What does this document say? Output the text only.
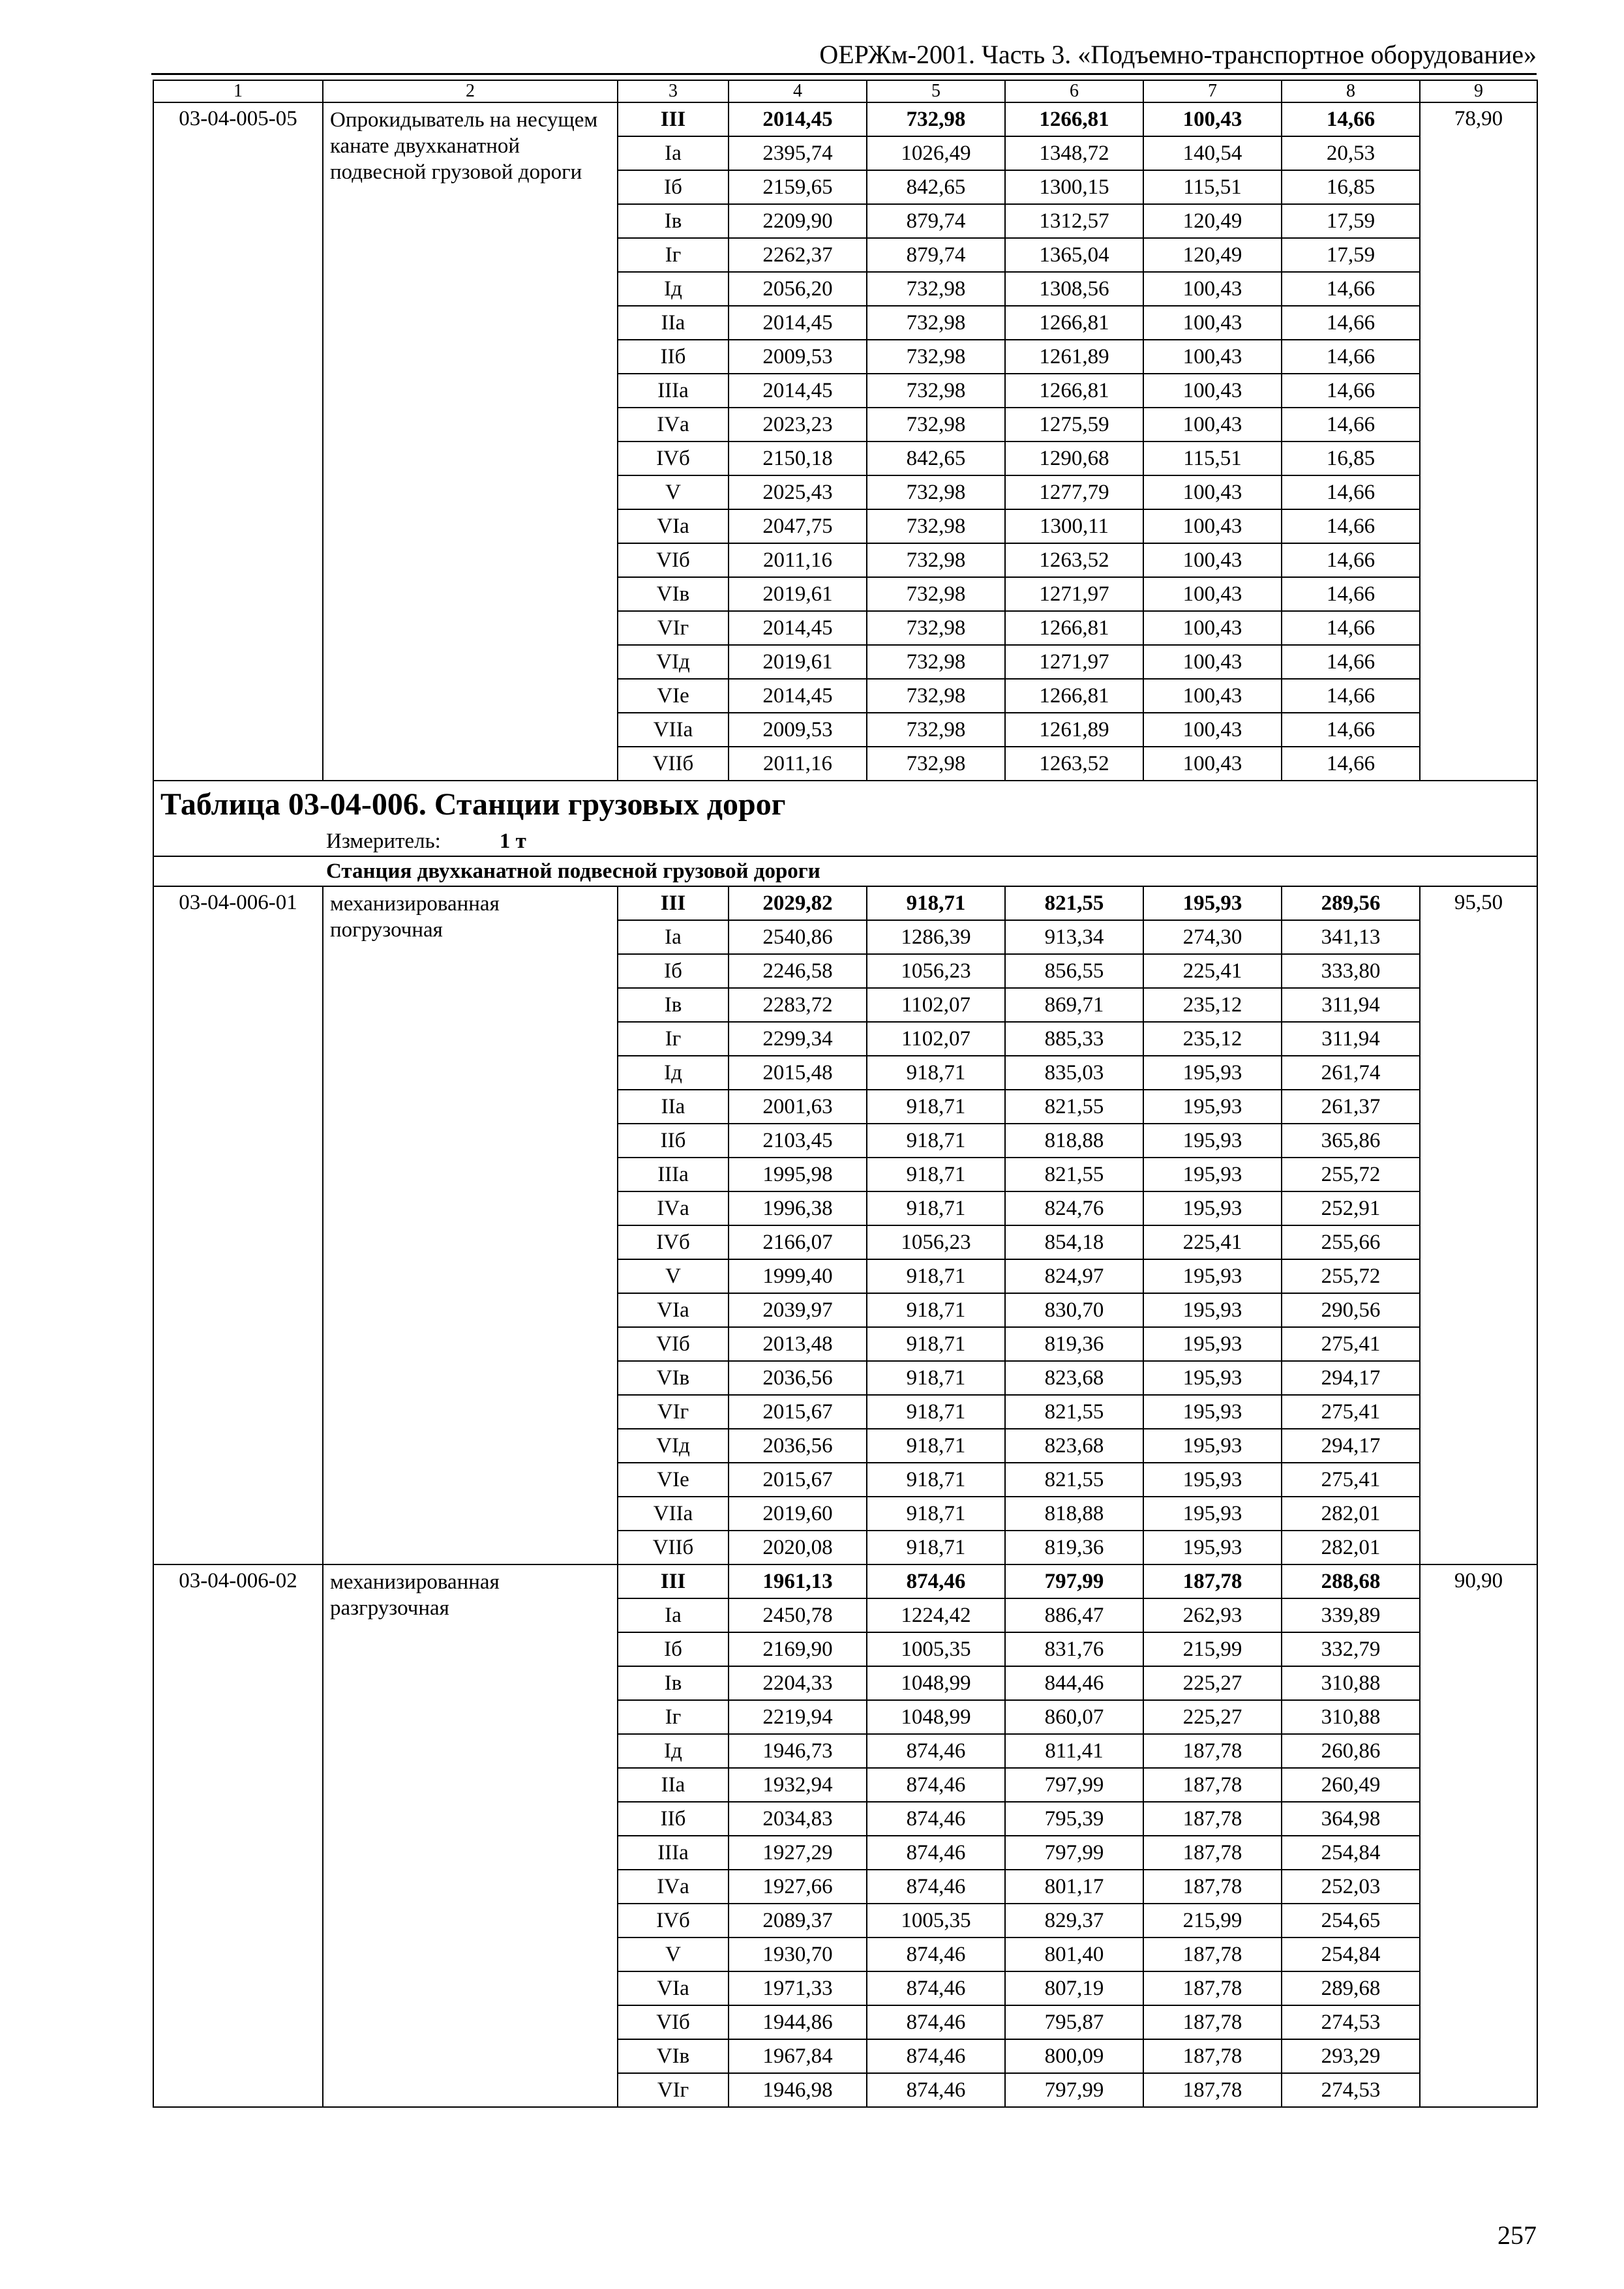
ОЕРЖм-2001. Часть 3. «Подъемно-транспортное оборудование»
1	2	3	4	5	6	7	8	9
03-04-005-05	Опрокидыватель на несущем канате двухканатной подвесной грузовой дороги	III	2014,45	732,98	1266,81	100,43	14,66	78,90
		Iа	2395,74	1026,49	1348,72	140,54	20,53	
		Iб	2159,65	842,65	1300,15	115,51	16,85	
		Iв	2209,90	879,74	1312,57	120,49	17,59	
		Iг	2262,37	879,74	1365,04	120,49	17,59	
		Iд	2056,20	732,98	1308,56	100,43	14,66	
		IIа	2014,45	732,98	1266,81	100,43	14,66	
		IIб	2009,53	732,98	1261,89	100,43	14,66	
		IIIа	2014,45	732,98	1266,81	100,43	14,66	
		IVа	2023,23	732,98	1275,59	100,43	14,66	
		IVб	2150,18	842,65	1290,68	115,51	16,85	
		V	2025,43	732,98	1277,79	100,43	14,66	
		VIа	2047,75	732,98	1300,11	100,43	14,66	
		VIб	2011,16	732,98	1263,52	100,43	14,66	
		VIв	2019,61	732,98	1271,97	100,43	14,66	
		VIг	2014,45	732,98	1266,81	100,43	14,66	
		VIд	2019,61	732,98	1271,97	100,43	14,66	
		VIе	2014,45	732,98	1266,81	100,43	14,66	
		VIIа	2009,53	732,98	1261,89	100,43	14,66	
		VIIб	2011,16	732,98	1263,52	100,43	14,66	
Таблица 03-04-006. Станции грузовых дорог								
Измеритель: 1 т								
Станция двухканатной подвесной грузовой дороги								
03-04-006-01	механизированная погрузочная	III	2029,82	918,71	821,55	195,93	289,56	95,50
		Iа	2540,86	1286,39	913,34	274,30	341,13	
		Iб	2246,58	1056,23	856,55	225,41	333,80	
		Iв	2283,72	1102,07	869,71	235,12	311,94	
		Iг	2299,34	1102,07	885,33	235,12	311,94	
		Iд	2015,48	918,71	835,03	195,93	261,74	
		IIа	2001,63	918,71	821,55	195,93	261,37	
		IIб	2103,45	918,71	818,88	195,93	365,86	
		IIIа	1995,98	918,71	821,55	195,93	255,72	
		IVа	1996,38	918,71	824,76	195,93	252,91	
		IVб	2166,07	1056,23	854,18	225,41	255,66	
		V	1999,40	918,71	824,97	195,93	255,72	
		VIа	2039,97	918,71	830,70	195,93	290,56	
		VIб	2013,48	918,71	819,36	195,93	275,41	
		VIв	2036,56	918,71	823,68	195,93	294,17	
		VIг	2015,67	918,71	821,55	195,93	275,41	
		VIд	2036,56	918,71	823,68	195,93	294,17	
		VIе	2015,67	918,71	821,55	195,93	275,41	
		VIIа	2019,60	918,71	818,88	195,93	282,01	
		VIIб	2020,08	918,71	819,36	195,93	282,01	
03-04-006-02	механизированная разгрузочная	III	1961,13	874,46	797,99	187,78	288,68	90,90
		Iа	2450,78	1224,42	886,47	262,93	339,89	
		Iб	2169,90	1005,35	831,76	215,99	332,79	
		Iв	2204,33	1048,99	844,46	225,27	310,88	
		Iг	2219,94	1048,99	860,07	225,27	310,88	
		Iд	1946,73	874,46	811,41	187,78	260,86	
		IIа	1932,94	874,46	797,99	187,78	260,49	
		IIб	2034,83	874,46	795,39	187,78	364,98	
		IIIа	1927,29	874,46	797,99	187,78	254,84	
		IVа	1927,66	874,46	801,17	187,78	252,03	
		IVб	2089,37	1005,35	829,37	215,99	254,65	
		V	1930,70	874,46	801,40	187,78	254,84	
		VIа	1971,33	874,46	807,19	187,78	289,68	
		VIб	1944,86	874,46	795,87	187,78	274,53	
		VIв	1967,84	874,46	800,09	187,78	293,29	
		VIг	1946,98	874,46	797,99	187,78	274,53	
257
